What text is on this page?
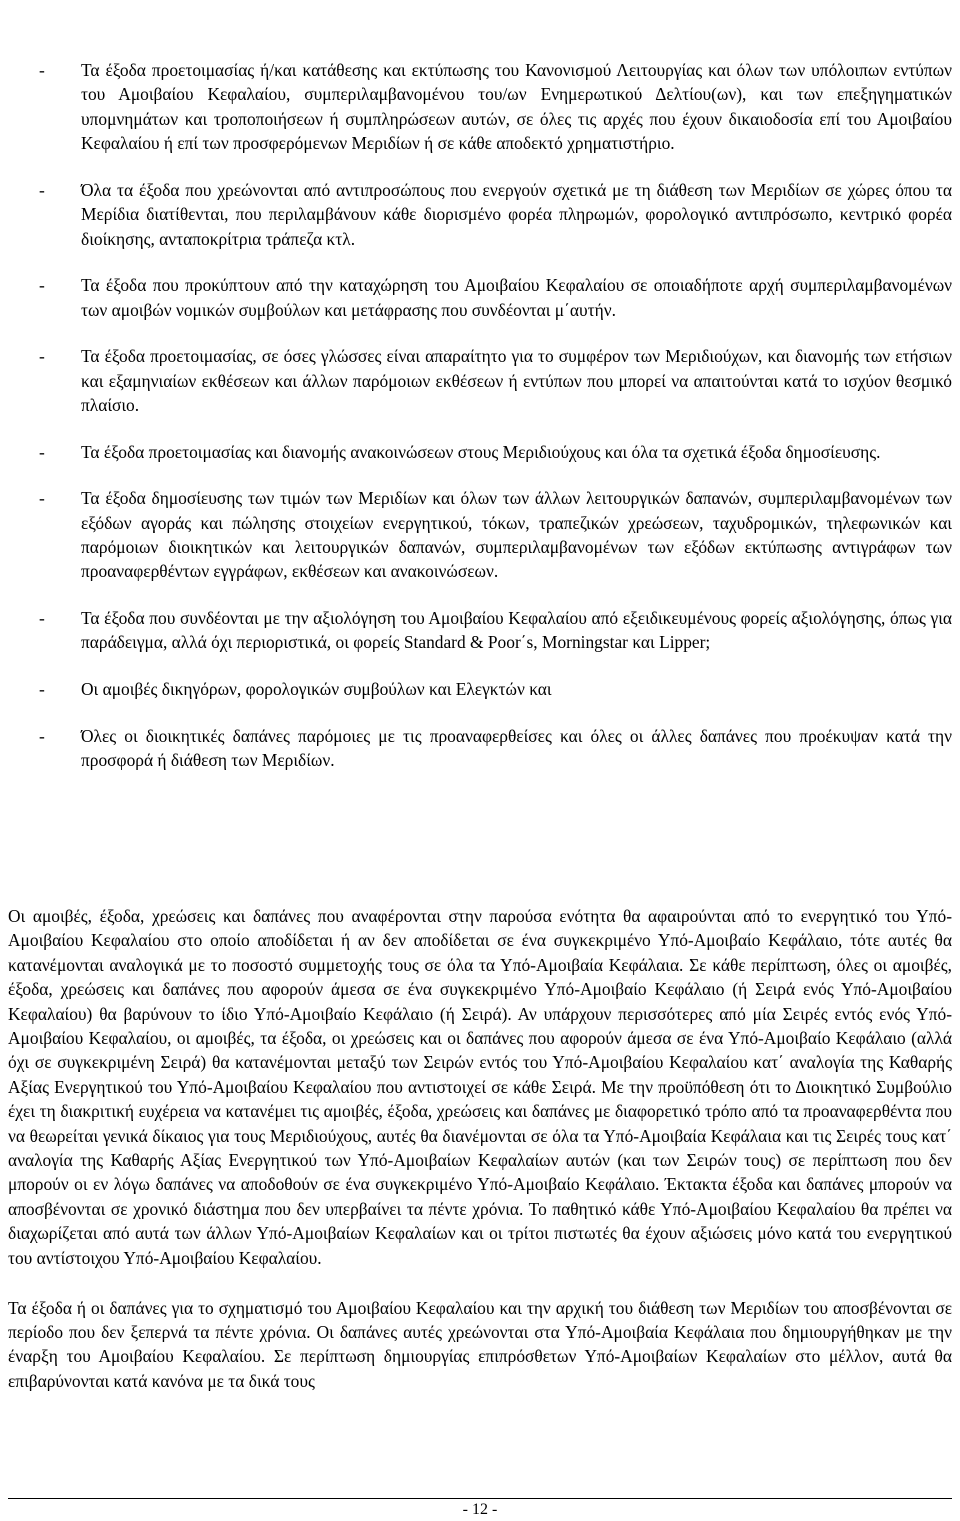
- Τα έξοδα προετοιμασίας ή/και κατάθεσης και εκτύπωσης του Κανονισμού Λειτουργίας και όλων των υπόλοιπων εντύπων του Αμοιβαίου Κεφαλαίου, συμπεριλαμβανομένου του/ων Ενημερωτικού Δελτίου(ων), και των επεξηγηματικών υπομνημάτων και τροποποιήσεων ή συμπληρώσεων αυτών, σε όλες τις αρχές που έχουν δικαιοδοσία επί του Αμοιβαίου Κεφαλαίου ή επί των προσφερόμενων Μεριδίων ή σε κάθε αποδεκτό χρηματιστήριο.
- Όλα τα έξοδα που χρεώνονται από αντιπροσώπους που ενεργούν σχετικά με τη διάθεση των Μεριδίων σε χώρες όπου τα Μερίδια διατίθενται, που περιλαμβάνουν κάθε διορισμένο φορέα πληρωμών, φορολογικό αντιπρόσωπο, κεντρικό φορέα διοίκησης, ανταποκρίτρια τράπεζα κτλ.
- Τα έξοδα που προκύπτουν από την καταχώρηση του Αμοιβαίου Κεφαλαίου σε οποιαδήποτε αρχή συμπεριλαμβανομένων των αμοιβών νομικών συμβούλων και μετάφρασης που συνδέονται μ΄αυτήν.
- Τα έξοδα προετοιμασίας, σε όσες γλώσσες είναι απαραίτητο για το συμφέρον των Μεριδιούχων, και διανομής των ετήσιων και εξαμηνιαίων εκθέσεων και άλλων παρόμοιων εκθέσεων ή εντύπων που μπορεί να απαιτούνται κατά το ισχύον θεσμικό πλαίσιο.
- Τα έξοδα προετοιμασίας και διανομής ανακοινώσεων στους Μεριδιούχους και όλα τα σχετικά έξοδα δημοσίευσης.
- Τα έξοδα δημοσίευσης των τιμών των Μεριδίων και όλων των άλλων λειτουργικών δαπανών, συμπεριλαμβανομένων των εξόδων αγοράς και πώλησης στοιχείων ενεργητικού, τόκων, τραπεζικών χρεώσεων, ταχυδρομικών, τηλεφωνικών και παρόμοιων διοικητικών και λειτουργικών δαπανών, συμπεριλαμβανομένων των εξόδων εκτύπωσης αντιγράφων των προαναφερθέντων εγγράφων, εκθέσεων και ανακοινώσεων.
- Τα έξοδα που συνδέονται με την αξιολόγηση του Αμοιβαίου Κεφαλαίου από εξειδικευμένους φορείς αξιολόγησης, όπως για παράδειγμα, αλλά όχι περιοριστικά, οι φορείς Standard & Poor΄s, Morningstar και Lipper;
- Οι αμοιβές δικηγόρων, φορολογικών συμβούλων και Ελεγκτών και
- Όλες οι διοικητικές δαπάνες παρόμοιες με τις προαναφερθείσες και όλες οι άλλες δαπάνες που προέκυψαν κατά την προσφορά ή διάθεση των Μεριδίων.

Οι αμοιβές, έξοδα, χρεώσεις και δαπάνες που αναφέρονται στην παρούσα ενότητα θα αφαιρούνται από το ενεργητικό του Υπό-Αμοιβαίου Κεφαλαίου στο οποίο αποδίδεται ή αν δεν αποδίδεται σε ένα συγκεκριμένο Υπό-Αμοιβαίο Κεφάλαιο, τότε αυτές θα κατανέμονται αναλογικά με το ποσοστό συμμετοχής τους σε όλα τα Υπό-Αμοιβαία Κεφάλαια. Σε κάθε περίπτωση, όλες οι αμοιβές, έξοδα, χρεώσεις και δαπάνες που αφορούν άμεσα σε ένα συγκεκριμένο Υπό-Αμοιβαίο Κεφάλαιο (ή Σειρά ενός Υπό-Αμοιβαίου Κεφαλαίου) θα βαρύνουν το ίδιο Υπό-Αμοιβαίο Κεφάλαιο (ή Σειρά). Αν υπάρχουν περισσότερες από μία Σειρές εντός ενός Υπό-Αμοιβαίου Κεφαλαίου, οι αμοιβές, τα έξοδα, οι χρεώσεις και οι δαπάνες που αφορούν άμεσα σε ένα Υπό-Αμοιβαίο Κεφάλαιο (αλλά όχι σε συγκεκριμένη Σειρά) θα κατανέμονται μεταξύ των Σειρών εντός του Υπό-Αμοιβαίου Κεφαλαίου κατ΄ αναλογία της Καθαρής Αξίας Ενεργητικού του Υπό-Αμοιβαίου Κεφαλαίου που αντιστοιχεί σε κάθε Σειρά. Με την προϋπόθεση ότι το Διοικητικό Συμβούλιο έχει τη διακριτική ευχέρεια να κατανέμει τις αμοιβές, έξοδα, χρεώσεις και δαπάνες με διαφορετικό τρόπο από τα προαναφερθέντα που να θεωρείται γενικά δίκαιος για τους Μεριδιούχους, αυτές θα διανέμονται σε όλα τα Υπό-Αμοιβαία Κεφάλαια και τις Σειρές τους κατ΄ αναλογία της Καθαρής Αξίας Ενεργητικού των Υπό-Αμοιβαίων Κεφαλαίων αυτών (και των Σειρών τους) σε περίπτωση που δεν μπορούν οι εν λόγω δαπάνες να αποδοθούν σε ένα συγκεκριμένο Υπό-Αμοιβαίο Κεφάλαιο. Έκτακτα έξοδα και δαπάνες μπορούν να αποσβένονται σε χρονικό διάστημα που δεν υπερβαίνει τα πέντε χρόνια. Το παθητικό κάθε Υπό-Αμοιβαίου Κεφαλαίου θα πρέπει να διαχωρίζεται από αυτά των άλλων Υπό-Αμοιβαίων Κεφαλαίων και οι τρίτοι πιστωτές θα έχουν αξιώσεις μόνο κατά του ενεργητικού του αντίστοιχου Υπό-Αμοιβαίου Κεφαλαίου.

Τα έξοδα ή οι δαπάνες για το σχηματισμό του Αμοιβαίου Κεφαλαίου και την αρχική του διάθεση των Μεριδίων του αποσβένονται σε περίοδο που δεν ξεπερνά τα πέντε χρόνια. Οι δαπάνες αυτές χρεώνονται στα Υπό-Αμοιβαία Κεφάλαια που δημιουργήθηκαν με την έναρξη του Αμοιβαίου Κεφαλαίου. Σε περίπτωση δημιουργίας επιπρόσθετων Υπό-Αμοιβαίων Κεφαλαίων στο μέλλον, αυτά θα επιβαρύνονται κατά κανόνα με τα δικά τους

- 12 -
